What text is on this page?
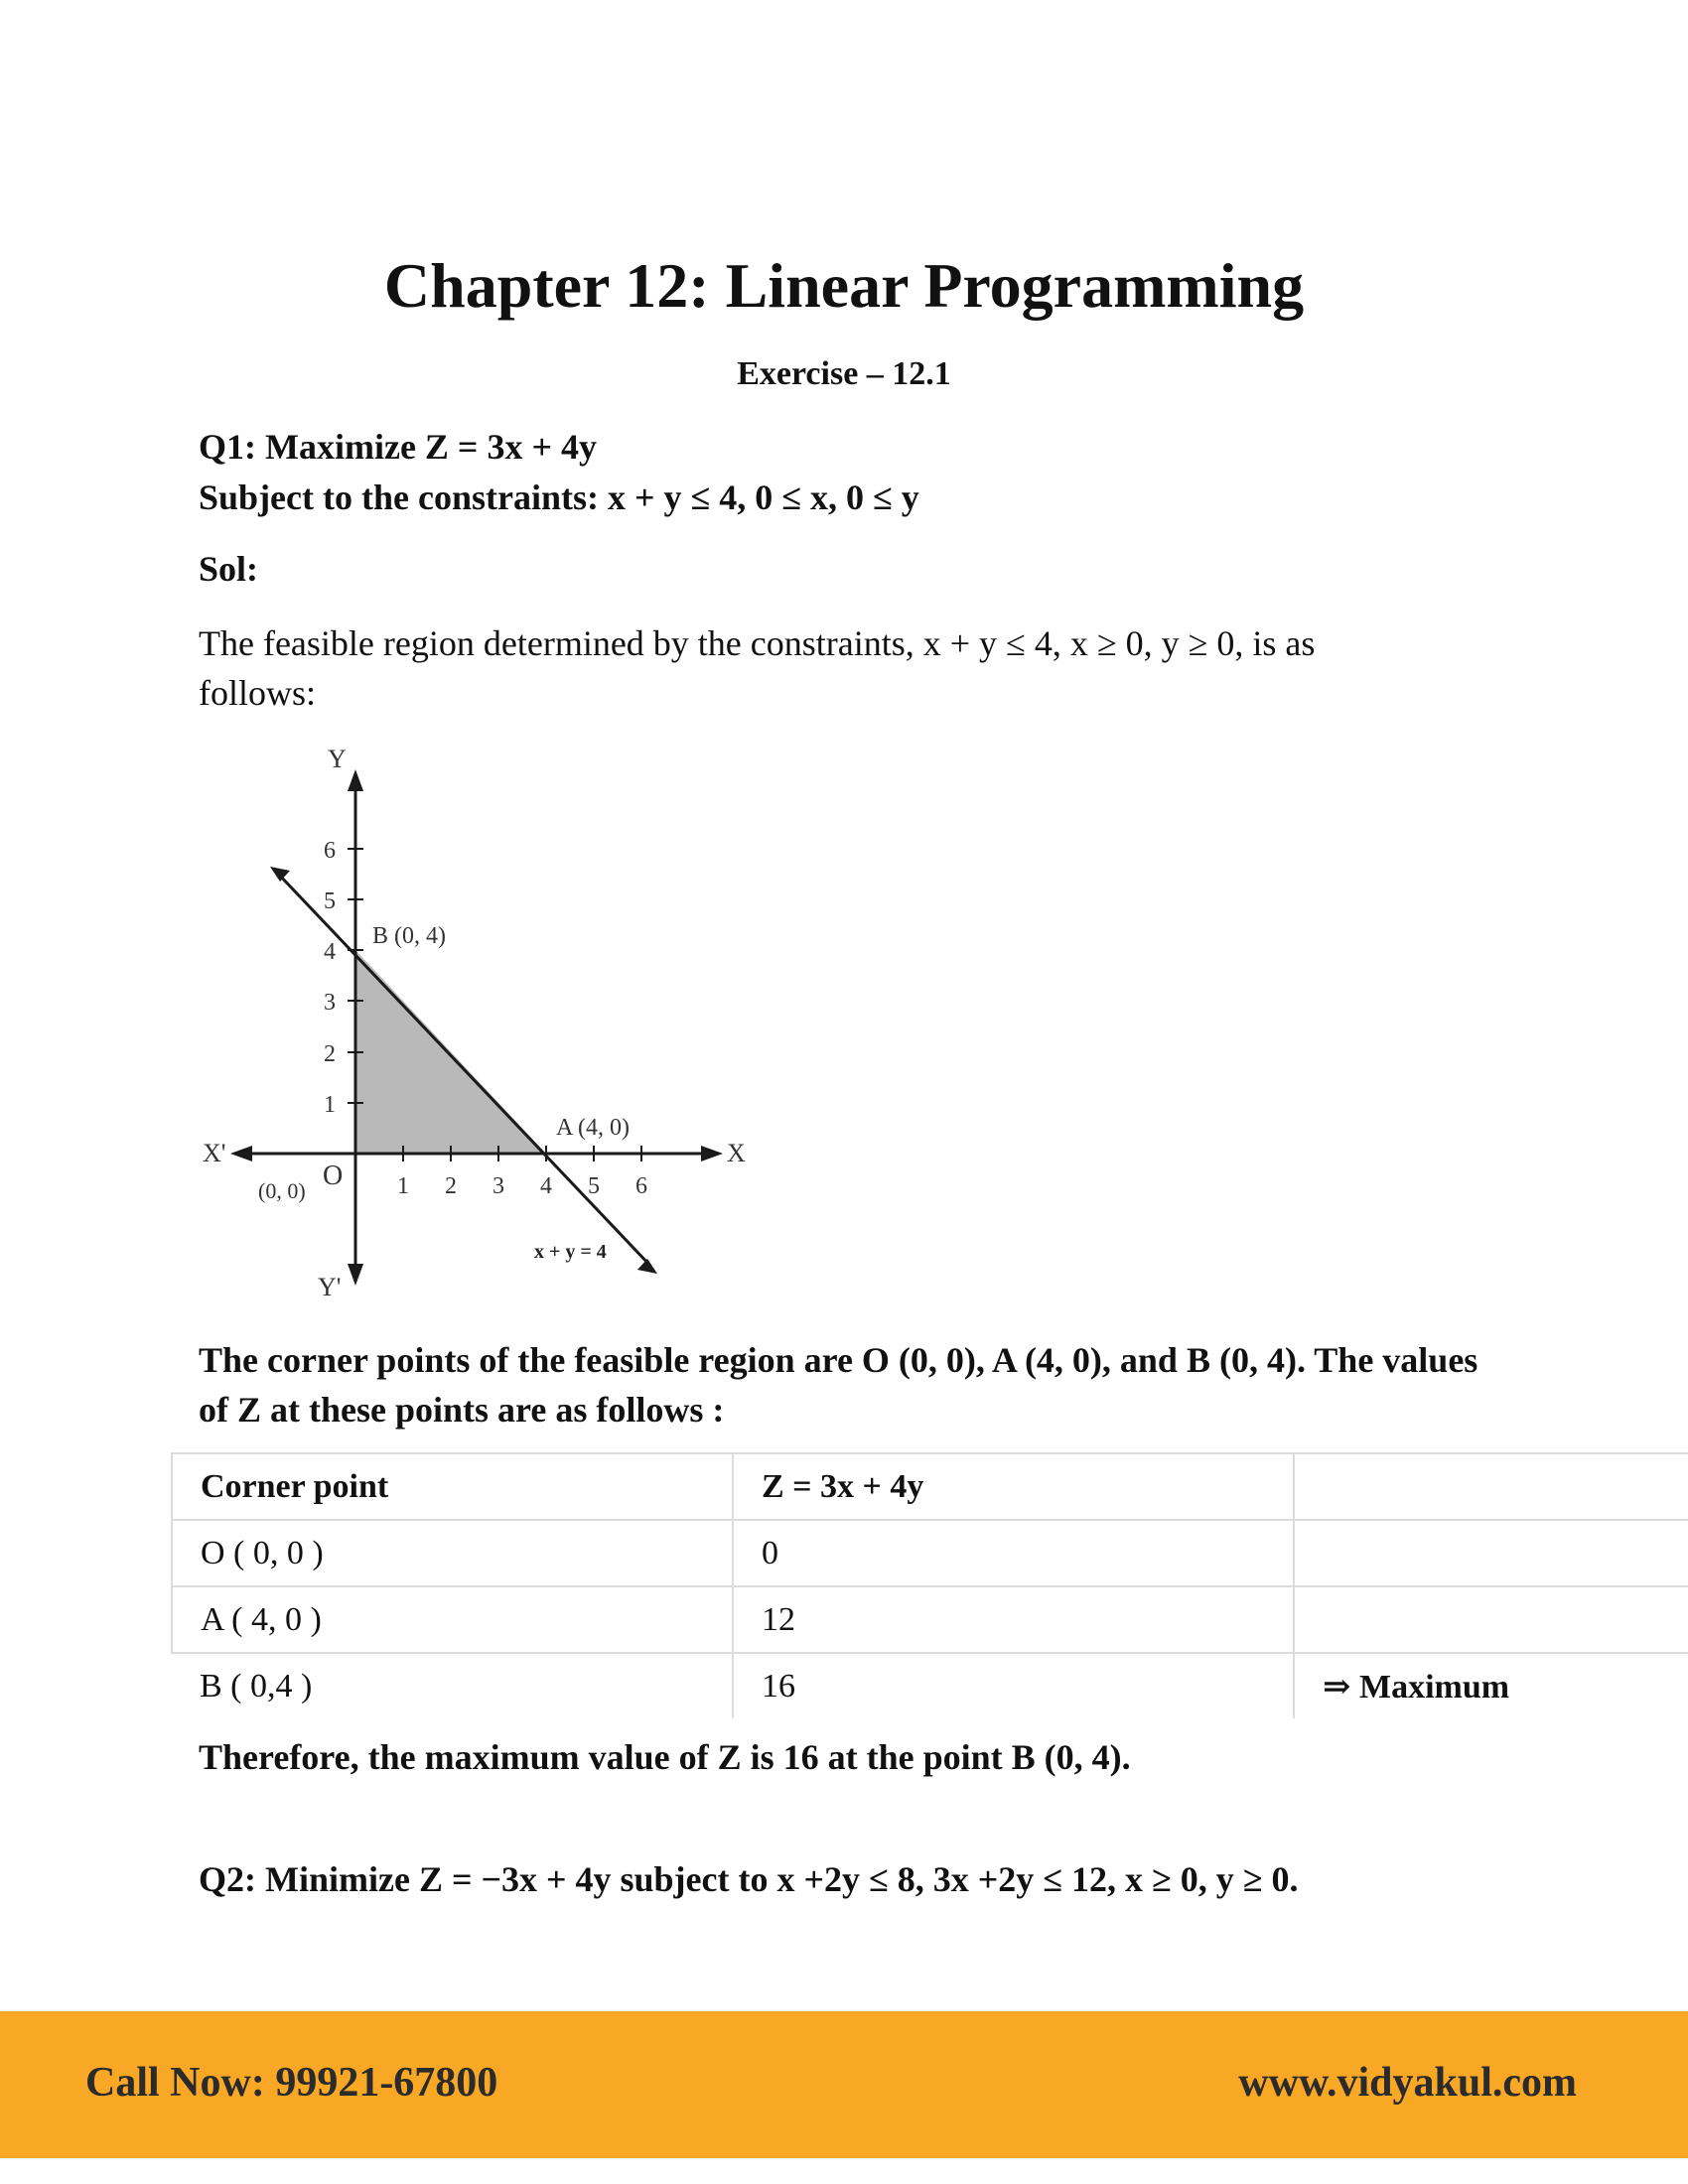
Chapter 12: Linear Programming
Exercise – 12.1
Q1: Maximize Z = 3x + 4y
Subject to the constraints: x + y ≤ 4, 0 ≤ x, 0 ≤ y
Sol:
The feasible region determined by the constraints, x + y ≤ 4, x ≥ 0, y ≥ 0, is as follows:
1 2 3 4 5 6
1
2
3
4
5
6
Y
Y'
X
X'
O
(0, 0)
B (0, 4)
A (4, 0)
x + y = 4
The corner points of the feasible region are O (0, 0), A (4, 0), and B (0, 4). The values of Z at these points are as follows :
Corner point	Z = 3x + 4y	
O ( 0, 0 )	0	
A ( 4, 0 )	12	
B ( 0,4 )	16	⇒ Maximum
Therefore, the maximum value of Z is 16 at the point B (0, 4).
Q2: Minimize Z = −3x + 4y subject to x +2y ≤ 8, 3x +2y ≤ 12, x ≥ 0, y ≥ 0.
Call Now: 99921-67800	www.vidyakul.com
